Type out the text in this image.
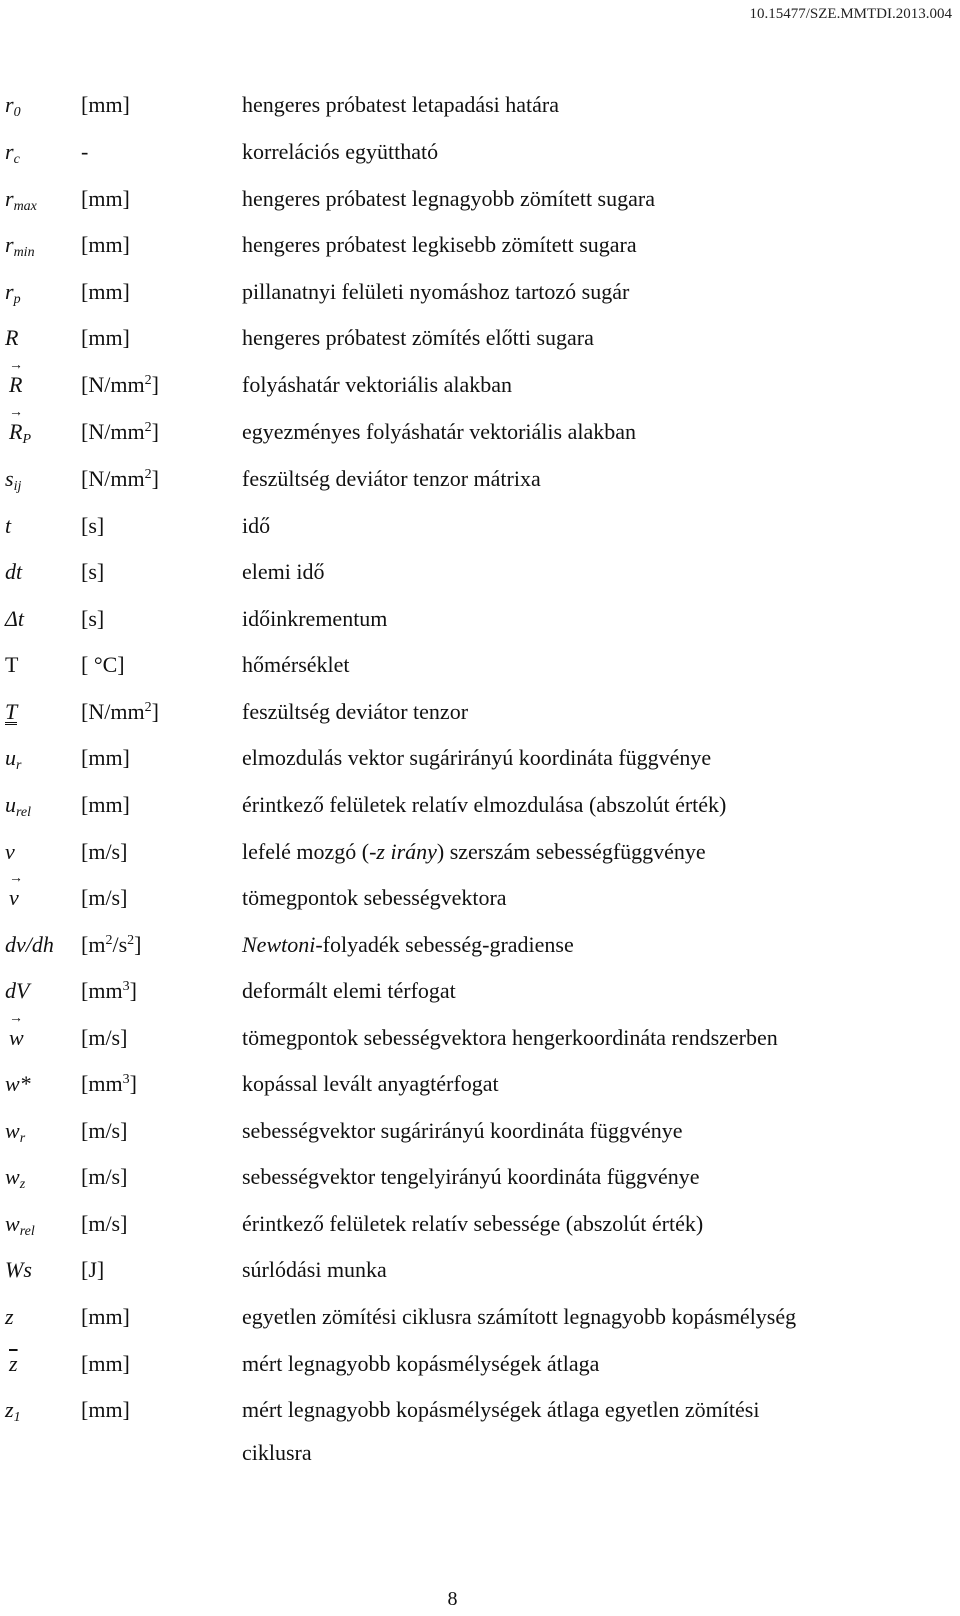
10.15477/SZE.MMTDI.2013.004
$r_0$	[mm]	hengeres próbatest letapadási határa
$r_c$	-	korrelációs együttható
$r_{max}$ [mm]	hengeres próbatest legnagyobb zömített sugara
$r_{min}$ [mm]	hengeres próbatest legkisebb zömített sugara
$r_p$	[mm]	pillanatnyi felületi nyomáshoz tartozó sugár
R	[mm]	hengeres próbatest zömítés előtti sugara
→ R	$[N/mm^2]$	folyáshatár vektoriális alakban
→ $R_P$ $[N/mm^2]$	egyezményes folyáshatár vektoriális alakban
$s_{ij}$	$[N/mm^2]$	feszültség deviátor tenzor mátrixa
t	[s]	idő
dt	[s]	elemi idő
Δt	[s]	időinkrementum
T	[ °C]	hőmérséklet
T	$[N/mm^2]$	feszültség deviátor tenzor
$u_r$	[mm]	elmozdulás vektor sugárirányú koordináta függvénye
$u_{rel}$ [mm]	érintkező felületek relatív elmozdulása (abszolút érték)
v	[m/s]	lefelé mozgó (-z irány) szerszám sebességfüggvénye
→ v	[m/s]	tömegpontok sebességvektora
dv/dh $[m^2/s^2]$	Newtoni-folyadék sebesség-gradiense
dV $[mm^3]$	deformált elemi térfogat
→ w	[m/s]	tömegpontok sebességvektora hengerkoordináta rendszerben
w* $[mm^3]$	kopással levált anyagtérfogat
$w_r$	[m/s]	sebességvektor sugárirányú koordináta függvénye
$w_z$	[m/s]	sebességvektor tengelyirányú koordináta függvénye
$w_{rel}$ [m/s]	érintkező felületek relatív sebessége (abszolút érték)
Ws [J]	súrlódási munka
z	[mm]	egyetlen zömítési ciklusra számított legnagyobb kopásmélység
$\overline{z}$	[mm]	mért legnagyobb kopásmélységek átlaga
$z_1$	[mm]	mért legnagyobb kopásmélységek átlaga egyetlen zömítési
ciklusra
8
